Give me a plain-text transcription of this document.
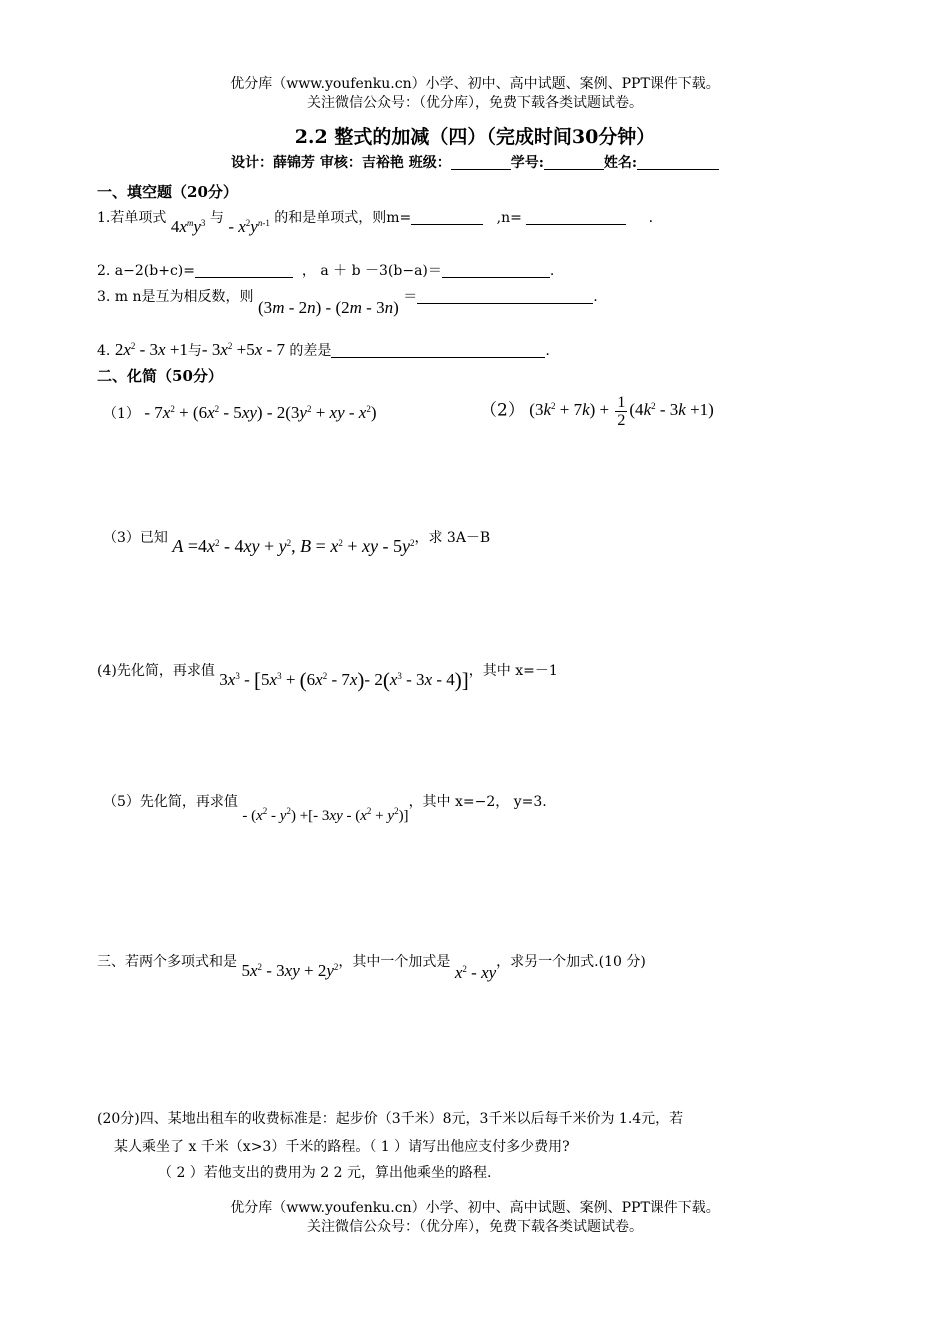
优分库（www.youfenku.cn）小学、初中、高中试题、案例、PPT课件下载。
关注微信公众号：（优分库），免费下载各类试题试卷。
2.2 整式的加减（四）（完成时间30分钟）
设计：薛锦芳 审核：吉裕艳 班级：	学号:	姓名:
一、填空题（20分）
1.若单项式 $4x^my^3$ 与 - $x^2y^{n-1}$ 的和是单项式，则m=	,n=	.
2. a−2(b+c)=	， a ＋ b －3(b−a)＝	.
3. m n是互为相反数，则 (3m - 2n) - (2m - 3n) ＝	.
4. $2x^2 - 3x +1$与- $3x^2 +5x - 7$ 的差是	.
二、化简（50分）
$(1) - 7x^2 + (6x^2 - 5xy) - 2(3y^2$ + xy - $x^2$)	（2） $(3k^2 + 7k) + \frac{1}{2} (4k^2 - 3k +1)$
（3）已知 $A =4x^2 - 4xy + y^2$, $B = x^2$ + xy - $5y^2$，求 3A－B
(4)先化简，再求值 $3x^3 - [5x^3 + (6x^2 - 7x)-$ $2(x^3 - 3x - 4)$]，其中 x=－1
（5）先化简，再求值 - $(x^2 - y^2)$ +[- $3xy - (x^2 + y^2)$]，其中 x=−2， y=3.
三、若两个多项式和是 $5x^2 - 3xy + 2y^2$，其中一个加式是 $x^2$ - xy，求另一个加式.(10 分)
(20分)四、某地出租车的收费标准是：起步价（3千米）8元，3千米以后每千米价为 1.4元，若
某人乘坐了 x 千米（x>3）千米的路程。（ 1 ）请写出他应支付多少费用?
（ 2 ）若他支出的费用为 2 2 元，算出他乘坐的路程.
优分库（www.youfenku.cn）小学、初中、高中试题、案例、PPT课件下载。
关注微信公众号：（优分库），免费下载各类试题试卷。
